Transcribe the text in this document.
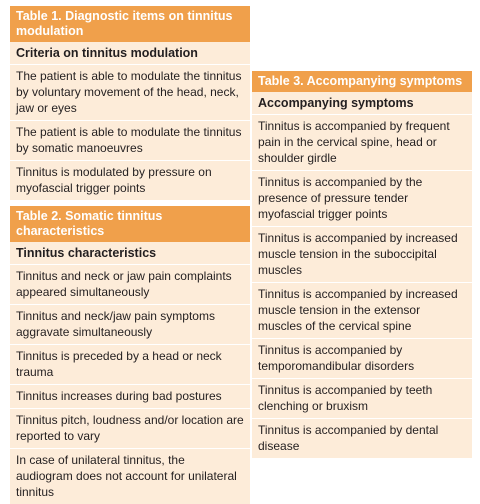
Table 1. Diagnostic items on tinnitus modulation
Criteria on tinnitus modulation
The patient is able to modulate the tinnitus by voluntary movement of the head, neck, jaw or eyes
The patient is able to modulate the tinnitus by somatic manoeuvres
Tinnitus is modulated by pressure on myofascial trigger points
Table 2. Somatic tinnitus characteristics
Tinnitus characteristics
Tinnitus and neck or jaw pain complaints appeared simultaneously
Tinnitus and neck/jaw pain symptoms aggravate simultaneously
Tinnitus is preceded by a head or neck trauma
Tinnitus increases during bad postures
Tinnitus pitch, loudness and/or location are reported to vary
In case of unilateral tinnitus, the audiogram does not account for unilateral tinnitus
Table 3. Accompanying symptoms
Accompanying symptoms
Tinnitus is accompanied by frequent pain in the cervical spine, head or shoulder girdle
Tinnitus is accompanied by the presence of pressure tender myofascial trigger points
Tinnitus is accompanied by increased muscle tension in the suboccipital muscles
Tinnitus is accompanied by increased muscle tension in the extensor muscles of the cervical spine
Tinnitus is accompanied by temporomandibular disorders
Tinnitus is accompanied by teeth clenching or bruxism
Tinnitus is accompanied by dental disease
